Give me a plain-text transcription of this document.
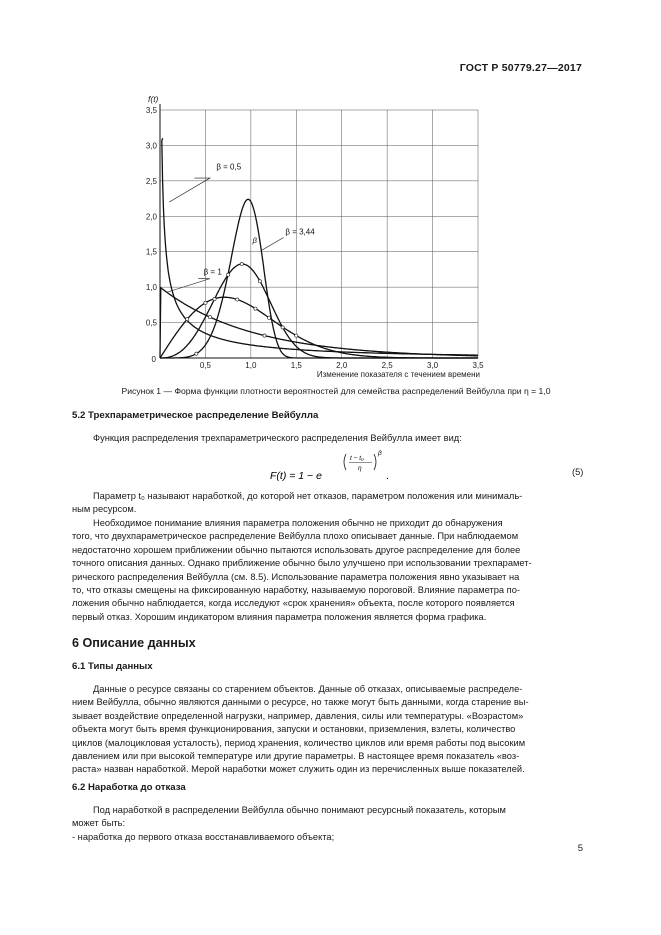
ГОСТ Р 50779.27—2017
0,5	1,0	1,5	2,0	2,5	3,0	3,5
0,5
1,0
1,5
2,0
2,5
3,0
3,5
0
f(t)
Изменение показателя с течением времени
β = 0,5
β = 1
β = 3,44
β
Рисунок 1 — Форма функции плотности вероятностей для семейства распределений Вейбулла при η = 1,0
5.2 Трехпараметрическое распределение Вейбулла

Функция распределения трехпараметрического распределения Вейбулла имеет вид:

F(t) = 1 − e
t − t₀
η
β
.	(5)

Параметр t₀ называют наработкой, до которой нет отказов, параметром положения или минималь-

ным ресурсом.

Необходимое понимание влияния параметра положения обычно не приходит до обнаружения

того, что двухпараметрическое распределение Вейбулла плохо описывает данные. При наблюдаемом

недостаточно хорошем приближении обычно пытаются использовать другое распределение для более

точного описания данных. Однако приближение обычно было улучшено при использовании трехпарамет-

рического распределения Вейбулла (см. 8.5). Использование параметра положения явно указывает на

то, что отказы смещены на фиксированную наработку, называемую пороговой. Влияние параметра по-

ложения обычно наблюдается, когда исследуют «срок хранения» объекта, после которого появляется

первый отказ. Хорошим индикатором влияния параметра положения является форма графика.

6 Описание данных
6.1 Типы данных

Данные о ресурсе связаны со старением объектов. Данные об отказах, описываемые распределе-

нием Вейбулла, обычно являются данными о ресурсе, но также могут быть данными, когда старение вы-

зывает воздействие определенной нагрузки, например, давления, силы или температуры. «Возрастом»

объекта могут быть время функционирования, запуски и остановки, приземления, взлеты, количество

циклов (малоцикловая усталость), период хранения, количество циклов или время работы под высоким

давлением или при высокой температуре или другие параметры. В настоящее время показатель «воз-

раста» назван наработкой. Мерой наработки может служить один из перечисленных выше показателей.

6.2 Наработка до отказа

Под наработкой в распределении Вейбулла обычно понимают ресурсный показатель, которым

может быть:

- наработка до первого отказа восстанавливаемого объекта;

5
